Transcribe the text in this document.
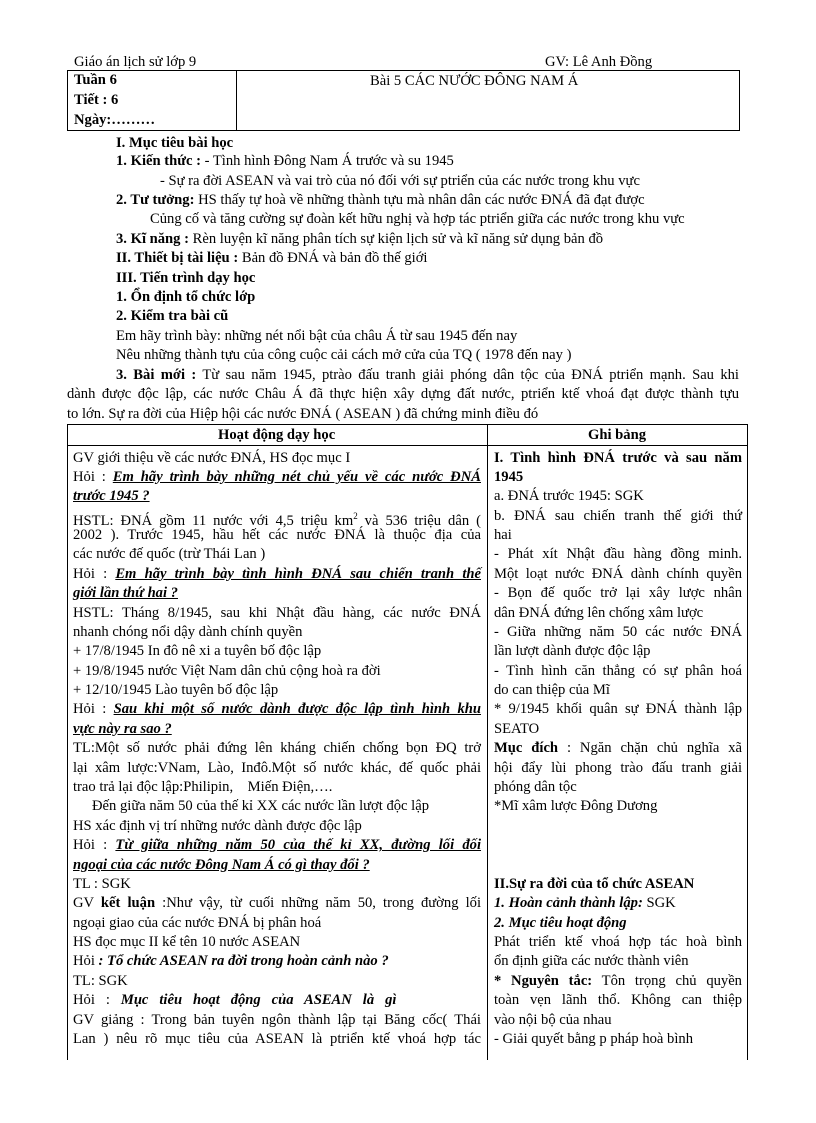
Giáo án lịch sử lớp 9	GV: Lê Anh Đồng
Tuần 6
Tiết : 6
Ngày:………
Bài 5 CÁC NƯỚC ĐÔNG NAM Á
I. Mục tiêu bài học
1. Kiến thức : - Tình hình Đông Nam Á trước và su 1945
- Sự ra đời ASEAN và vai trò của nó đối với sự ptriển của các nước trong khu vực
2. Tư tưởng: HS thấy tự hoà về những thành tựu mà nhân dân các nước ĐNÁ đã đạt được
Củng cố và tăng cường sự đoàn kết hữu nghị và hợp tác ptriển giữa các nước trong khu vực
3. Kĩ năng : Rèn luyện kĩ năng phân tích sự kiện lịch sử và kĩ năng sử dụng bản đồ
II. Thiết bị tài liệu : Bản đồ ĐNÁ và bản đồ thế giới
III. Tiến trình dạy học
1. Ổn định tổ chức lớp
2. Kiểm tra bài cũ
Em hãy trình bày: những nét nổi bật của châu Á từ sau 1945 đến nay
Nêu những thành tựu của công cuộc cải cách mở cửa của TQ ( 1978 đến nay )
3. Bài mới : Từ sau năm 1945, ptrào đấu tranh giải phóng dân tộc của ĐNÁ ptriển mạnh. Sau khi
dành được độc lập, các nước Châu Á đã thực hiện xây dựng đất nước, ptriển ktế vhoá đạt được thành tựu
to lớn. Sự ra đời của Hiệp hội các nước ĐNÁ ( ASEAN ) đã chứng minh điều đó
Hoạt động dạy học	Ghi bảng
GV giới thiệu về các nước ĐNÁ, HS đọc mục I
Hỏi : Em hãy trình bày những nét chủ yếu về các nước ĐNÁ
trước 1945 ?
HSTL: ĐNÁ gồm 11 nước với 4,5 triệu $km^2$ và 536 triệu dân (
2002 ). Trước 1945, hầu hết các nước ĐNÁ là thuộc địa của
các nước đế quốc (trừ Thái Lan )
Hỏi : Em hãy trình bày tình hình ĐNÁ sau chiến tranh thế
giới lần thứ hai ?
HSTL: Tháng 8/1945, sau khi Nhật đầu hàng, các nước ĐNÁ
nhanh chóng nổi dậy dành chính quyền
+ 17/8/1945 In đô nê xi a tuyên bố độc lập
+ 19/8/1945 nước Việt Nam dân chủ cộng hoà ra đời
+ 12/10/1945 Lào tuyên bố độc lập
Hỏi : Sau khi một số nước dành được độc lập tình hình khu
vực này ra sao ?
TL:Một số nước phải đứng lên kháng chiến chống bọn ĐQ trở
lại xâm lược:VNam, Lào, Inđô.Một số nước khác, đế quốc phải
trao trả lại độc lập:Philipin,    Miến Điện,….
Đến giữa năm 50 của thế kỉ XX các nước lần lượt độc lập
HS xác định vị trí những nước dành được độc lập
Hỏi : Từ giữa những năm 50 của thế kỉ XX, đường lối đối
ngoại của các nước Đông Nam Á có gì thay đổi ?
TL : SGK
GV kết luận :Như vậy, từ cuối những năm 50, trong đường lối
ngoại giao của các nước ĐNÁ bị phân hoá
HS đọc mục II kể tên 10 nước ASEAN
Hỏi : Tổ chức ASEAN ra đời trong hoàn cảnh nào ?
TL: SGK
Hỏi   :   Mục   tiêu   hoạt   động   của   ASEAN   là   gì
GV giảng : Trong bản tuyên ngôn thành lập tại Băng cốc( Thái
Lan ) nêu rõ mục tiêu của ASEAN là ptriển ktế vhoá hợp tác
I. Tình hình ĐNÁ trước và sau năm
1945
a. ĐNÁ trước 1945: SGK
b. ĐNÁ sau chiến tranh thế giới thứ
hai
- Phát xít Nhật đầu hàng đồng minh.
Một loạt nước ĐNÁ dành chính quyền
- Bọn đế quốc trở lại xây lược nhân
dân ĐNÁ đứng lên chống xâm lược
- Giữa những năm 50 các nước ĐNÁ
lần lượt dành được độc lập
- Tình hình căn thẳng có sự phân hoá
do can thiệp của Mĩ
* 9/1945 khối quân sự ĐNÁ thành lập
SEATO
Mục đích : Ngăn chặn chủ nghĩa xã
hội đẩy lùi phong trào đấu tranh giải
phóng dân tộc
*Mĩ xâm lược Đông Dương
II.Sự ra đời của tổ chức ASEAN
1. Hoàn cảnh thành lập: SGK
2. Mục tiêu hoạt động
Phát triển ktế vhoá hợp tác hoà bình
ổn định giữa các nước thành viên
* Nguyên tắc: Tôn trọng chủ quyền
toàn vẹn lãnh thổ. Không can thiệp
vào nội bộ của nhau
- Giải quyết bằng p pháp hoà bình
